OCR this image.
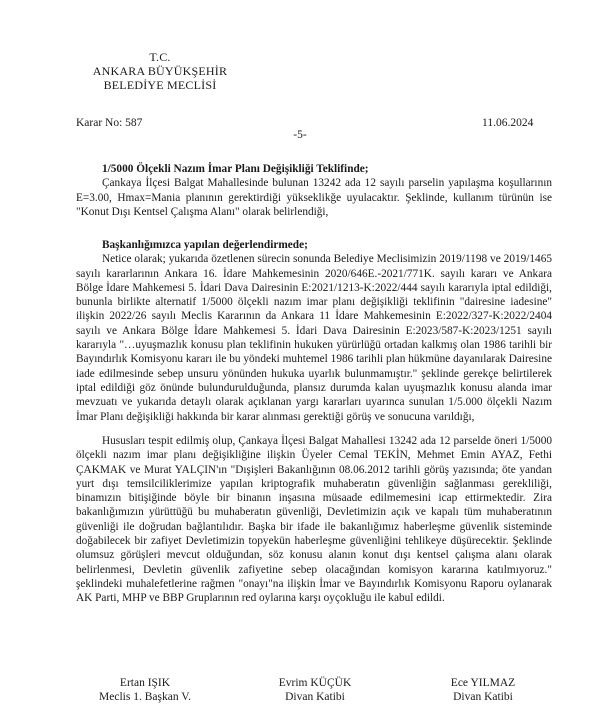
T.C.
ANKARA BÜYÜKŞEHİR
BELEDİYE MECLİSİ
Karar No: 587	11.06.2024
-5-

1/5000 Ölçekli Nazım İmar Planı Değişikliği Teklifinde;

Çankaya İlçesi Balgat Mahallesinde bulunan 13242 ada 12 sayılı parselin yapılaşma koşullarının E=3.00, Hmax=Mania planının gerektirdiği yükseklikğe uyulacaktır. Şeklinde, kullanım türünün ise "Konut Dışı Kentsel Çalışma Alanı" olarak belirlendiği,

Başkanlığımızca yapılan değerlendirmede;

Netice olarak; yukarıda özetlenen sürecin sonunda Belediye Meclisimizin 2019/1198 ve 2019/1465 sayılı kararlarının Ankara 16. İdare Mahkemesinin 2020/646E.-2021/771K. sayılı kararı ve Ankara Bölge İdare Mahkemesi 5. İdari Dava Dairesinin E:2021/1213-K:2022/444 sayılı kararıyla iptal edildiği, bununla birlikte alternatif 1/5000 ölçekli nazım imar planı değişikliği teklifinin "dairesine iadesine" ilişkin 2022/26 sayılı Meclis Kararının da Ankara 11 İdare Mahkemesinin E:2022/327-K:2022/2404 sayılı ve Ankara Bölge İdare Mahkemesi 5. İdari Dava Dairesinin E:2023/587-K:2023/1251 sayılı kararıyla "…uyuşmazlık konusu plan teklifinin hukuken yürürlüğü ortadan kalkmış olan 1986 tarihli bir Bayındırlık Komisyonu kararı ile bu yöndeki muhtemel 1986 tarihli plan hükmüne dayanılarak Dairesine iade edilmesinde sebep unsuru yönünden hukuka uyarlık bulunmamıştır." şeklinde gerekçe belirtilerek iptal edildiği göz önünde bulundurulduğunda, plansız durumda kalan uyuşmazlık konusu alanda imar mevzuatı ve yukarıda detaylı olarak açıklanan yargı kararları uyarınca sunulan 1/5.000 ölçekli Nazım İmar Planı değişikliği hakkında bir karar alınması gerektiği görüş ve sonucuna varıldığı,

Hususları tespit edilmiş olup, Çankaya İlçesi Balgat Mahallesi 13242 ada 12 parselde öneri 1/5000 ölçekli nazım imar planı değişikliğine ilişkin Üyeler Cemal TEKİN, Mehmet Emin AYAZ, Fethi ÇAKMAK ve Murat YALÇIN'ın "Dışişleri Bakanlığının 08.06.2012 tarihli görüş yazısında; öte yandan yurt dışı temsilciliklerimize yapılan kriptografik muhaberatın güvenliğin sağlanması gerekliliği, binamızın bitişiğinde böyle bir binanın inşasına müsaade edilmemesini icap ettirmektedir. Zira bakanlığımızın yürüttüğü bu muhaberatın güvenliği, Devletimizin açık ve kapalı tüm muhaberatının güvenliği ile doğrudan bağlantılıdır. Başka bir ifade ile bakanlığımız haberleşme güvenlik sisteminde doğabilecek bir zafiyet Devletimizin topyekün haberleşme güvenliğini tehlikeye düşürecektir. Şeklinde olumsuz görüşleri mevcut olduğundan, söz konusu alanın konut dışı kentsel çalışma alanı olarak belirlenmesi, Devletin güvenlik zafiyetine sebep olacağından komisyon kararına katılmıyoruz." şeklindeki muhalefetlerine rağmen "onayı"na ilişkin İmar ve Bayındırlık Komisyonu Raporu oylanarak AK Parti, MHP ve BBP Gruplarının red oylarına karşı oyçokluğu ile kabul edildi.

Ertan IŞIK
Meclis 1. Başkan V.
Evrim KÜÇÜK
Divan Katibi
Ece YILMAZ
Divan Katibi
